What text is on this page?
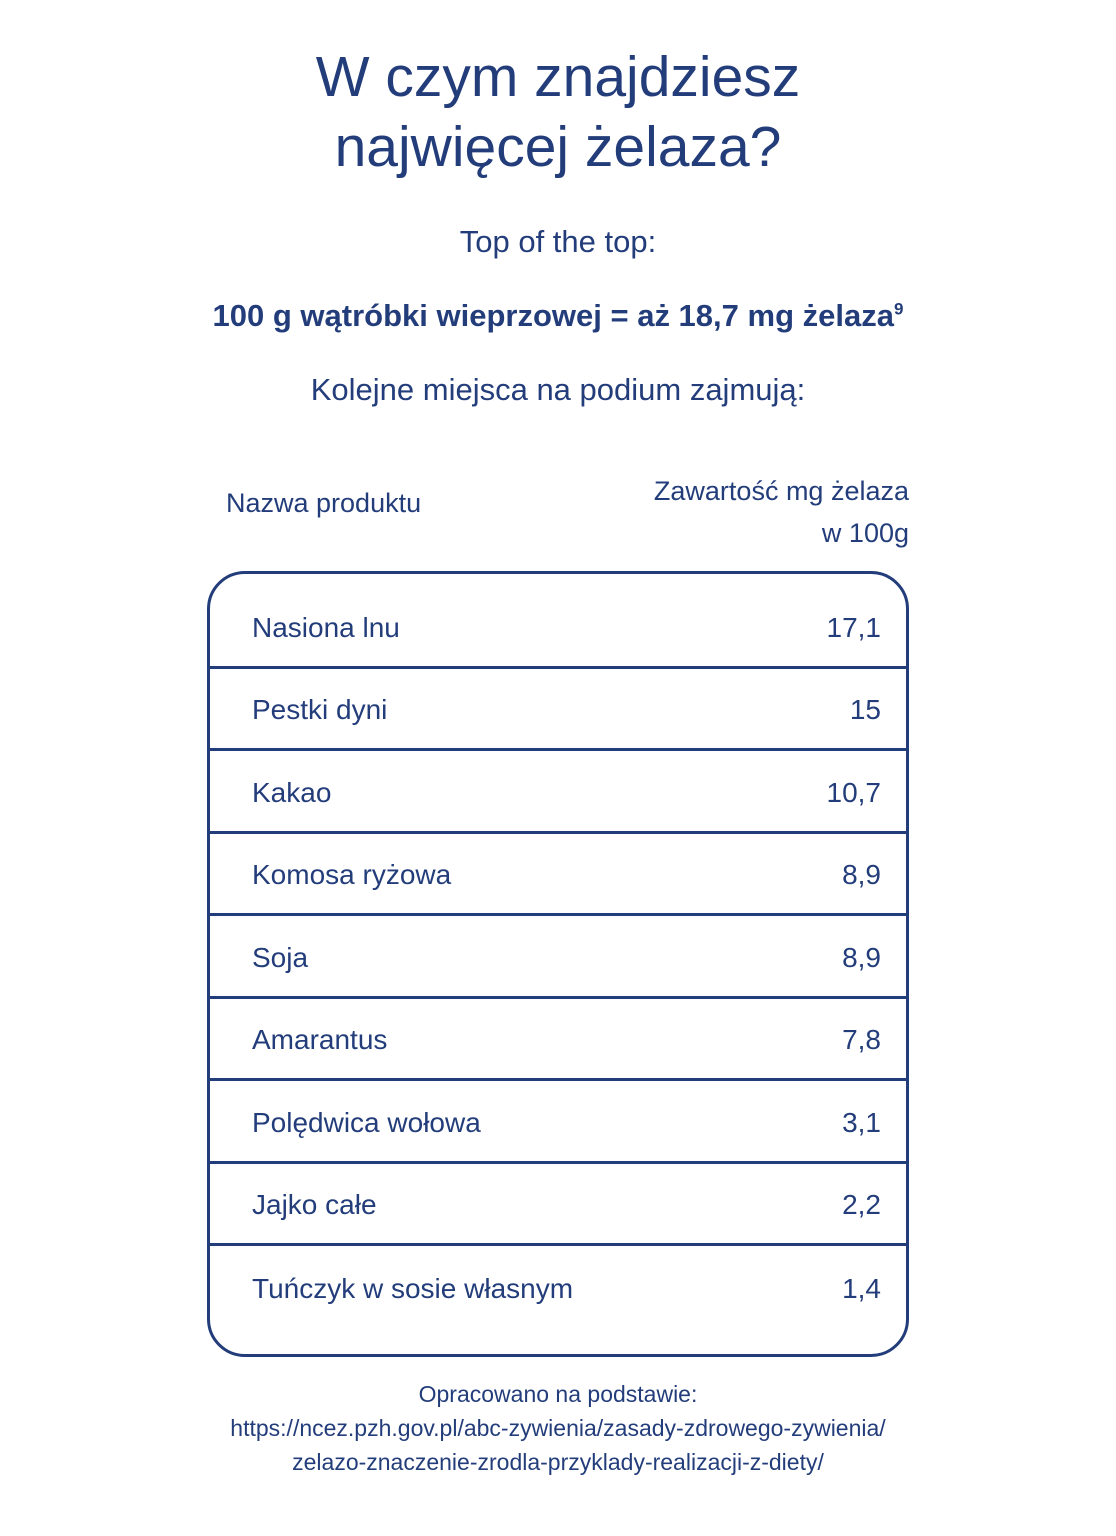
W czym znajdziesz
najwięcej żelaza?
Top of the top:
100 g wątróbki wieprzowej = aż 18,7 mg żelaza$^9$
Kolejne miejsca na podium zajmują:
Nazwa produktu	Zawartość mg żelaza
w 100g
Nasiona lnu	17,1
Pestki dyni	15
Kakao	10,7
Komosa ryżowa	8,9
Soja	8,9
Amarantus	7,8
Polędwica wołowa	3,1
Jajko całe	2,2
Tuńczyk w sosie własnym	1,4
Opracowano na podstawie:
https://ncez.pzh.gov.pl/abc-zywienia/zasady-zdrowego-zywienia/
zelazo-znaczenie-zrodla-przyklady-realizacji-z-diety/
